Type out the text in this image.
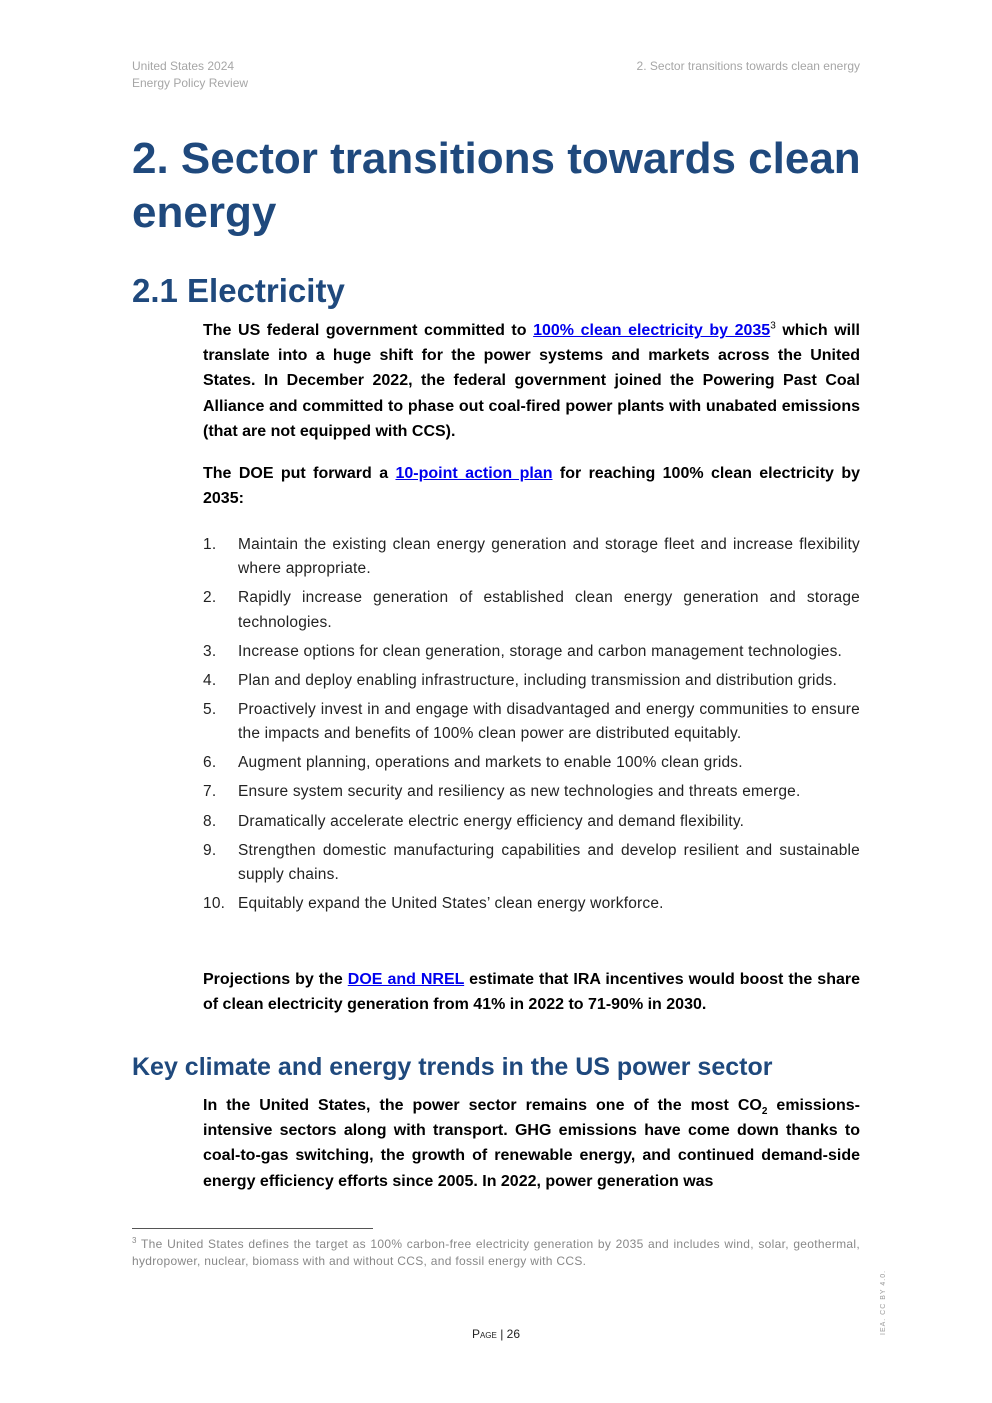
United States 2024
Energy Policy Review
2. Sector transitions towards clean energy
2. Sector transitions towards clean energy
2.1 Electricity

The US federal government committed to 100% clean electricity by 2035$^3$ which will translate into a huge shift for the power systems and markets across the United States. In December 2022, the federal government joined the Powering Past Coal Alliance and committed to phase out coal-fired power plants with unabated emissions (that are not equipped with CCS).

The DOE put forward a 10-point action plan for reaching 100% clean electricity by 2035:

1.	Maintain the existing clean energy generation and storage fleet and increase flexibility where appropriate.
2.	Rapidly increase generation of established clean energy generation and storage technologies.
3.	Increase options for clean generation, storage and carbon management technologies.
4.	Plan and deploy enabling infrastructure, including transmission and distribution grids.
5.	Proactively invest in and engage with disadvantaged and energy communities to ensure the impacts and benefits of 100% clean power are distributed equitably.
6.	Augment planning, operations and markets to enable 100% clean grids.
7.	Ensure system security and resiliency as new technologies and threats emerge.
8.	Dramatically accelerate electric energy efficiency and demand flexibility.
9.	Strengthen domestic manufacturing capabilities and develop resilient and sustainable supply chains.
10. Equitably expand the United States’ clean energy workforce.

Projections by the DOE and NREL estimate that IRA incentives would boost the share of clean electricity generation from 41% in 2022 to 71-90% in 2030.

Key climate and energy trends in the US power sector

In the United States, the power sector remains one of the most $CO_2$ emissions-intensive sectors along with transport. GHG emissions have come down thanks to coal-to-gas switching, the growth of renewable energy, and continued demand-side energy efficiency efforts since 2005. In 2022, power generation was

$^3$ The United States defines the target as 100% carbon-free electricity generation by 2035 and includes wind, solar, geothermal, hydropower, nuclear, biomass with and without CCS, and fossil energy with CCS.

Page | 26	IEA. CC BY 4.0.
